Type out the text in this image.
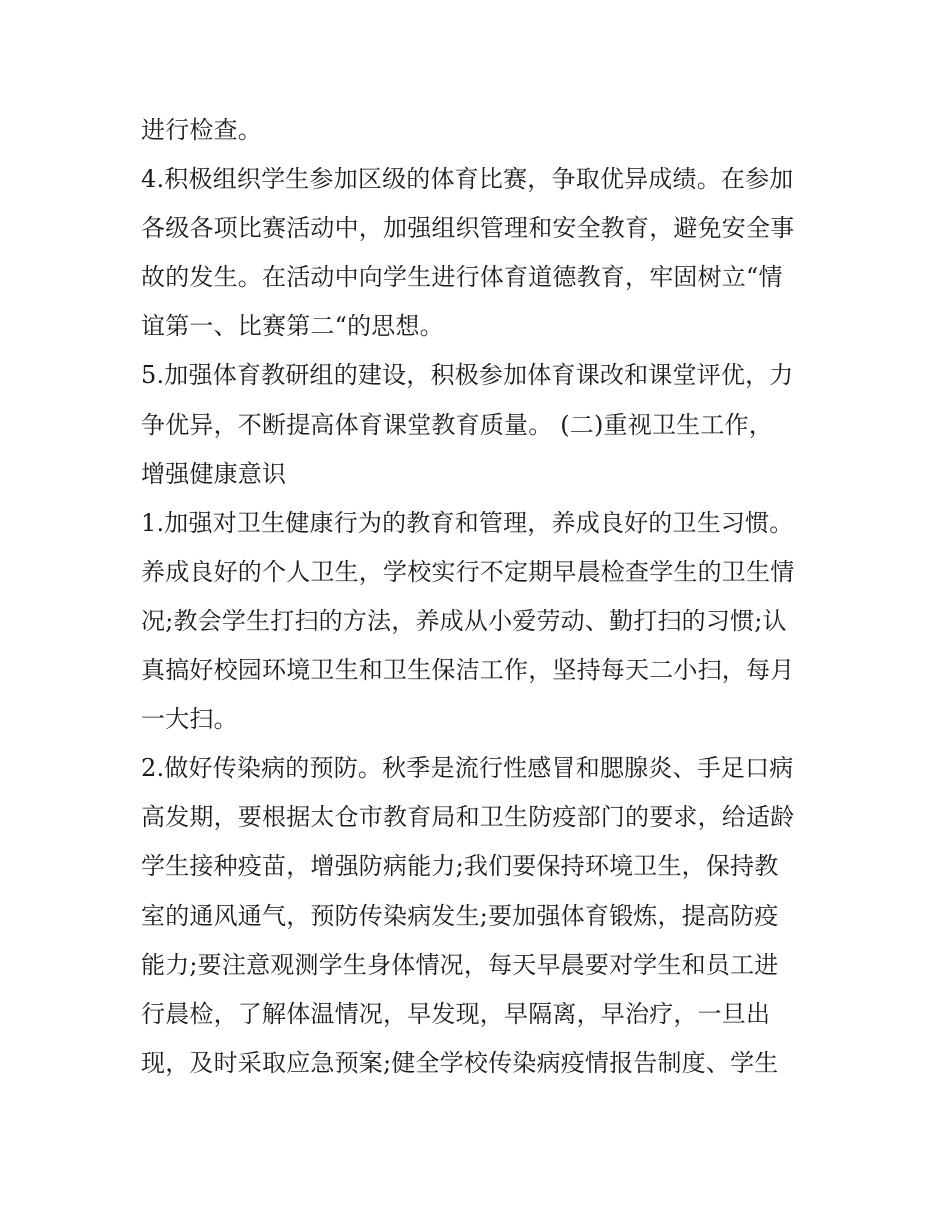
进行检查。
4.积极组织学生参加区级的体育比赛，争取优异成绩。在参加
各级各项比赛活动中，加强组织管理和安全教育，避免安全事
故的发生。在活动中向学生进行体育道德教育，牢固树立“情
谊第一、比赛第二“的思想。
5.加强体育教研组的建设，积极参加体育课改和课堂评优，力
争优异，不断提高体育课堂教育质量。 (二)重视卫生工作，
增强健康意识
1.加强对卫生健康行为的教育和管理，养成良好的卫生习惯。
养成良好的个人卫生，学校实行不定期早晨检查学生的卫生情
况;教会学生打扫的方法，养成从小爱劳动、勤打扫的习惯;认
真搞好校园环境卫生和卫生保洁工作，坚持每天二小扫，每月
一大扫。
2.做好传染病的预防。秋季是流行性感冒和腮腺炎、手足口病
高发期，要根据太仓市教育局和卫生防疫部门的要求，给适龄
学生接种疫苗，增强防病能力;我们要保持环境卫生，保持教
室的通风通气，预防传染病发生;要加强体育锻炼，提高防疫
能力;要注意观测学生身体情况，每天早晨要对学生和员工进
行晨检，了解体温情况，早发现，早隔离，早治疗，一旦出
现，及时采取应急预案;健全学校传染病疫情报告制度、学生
